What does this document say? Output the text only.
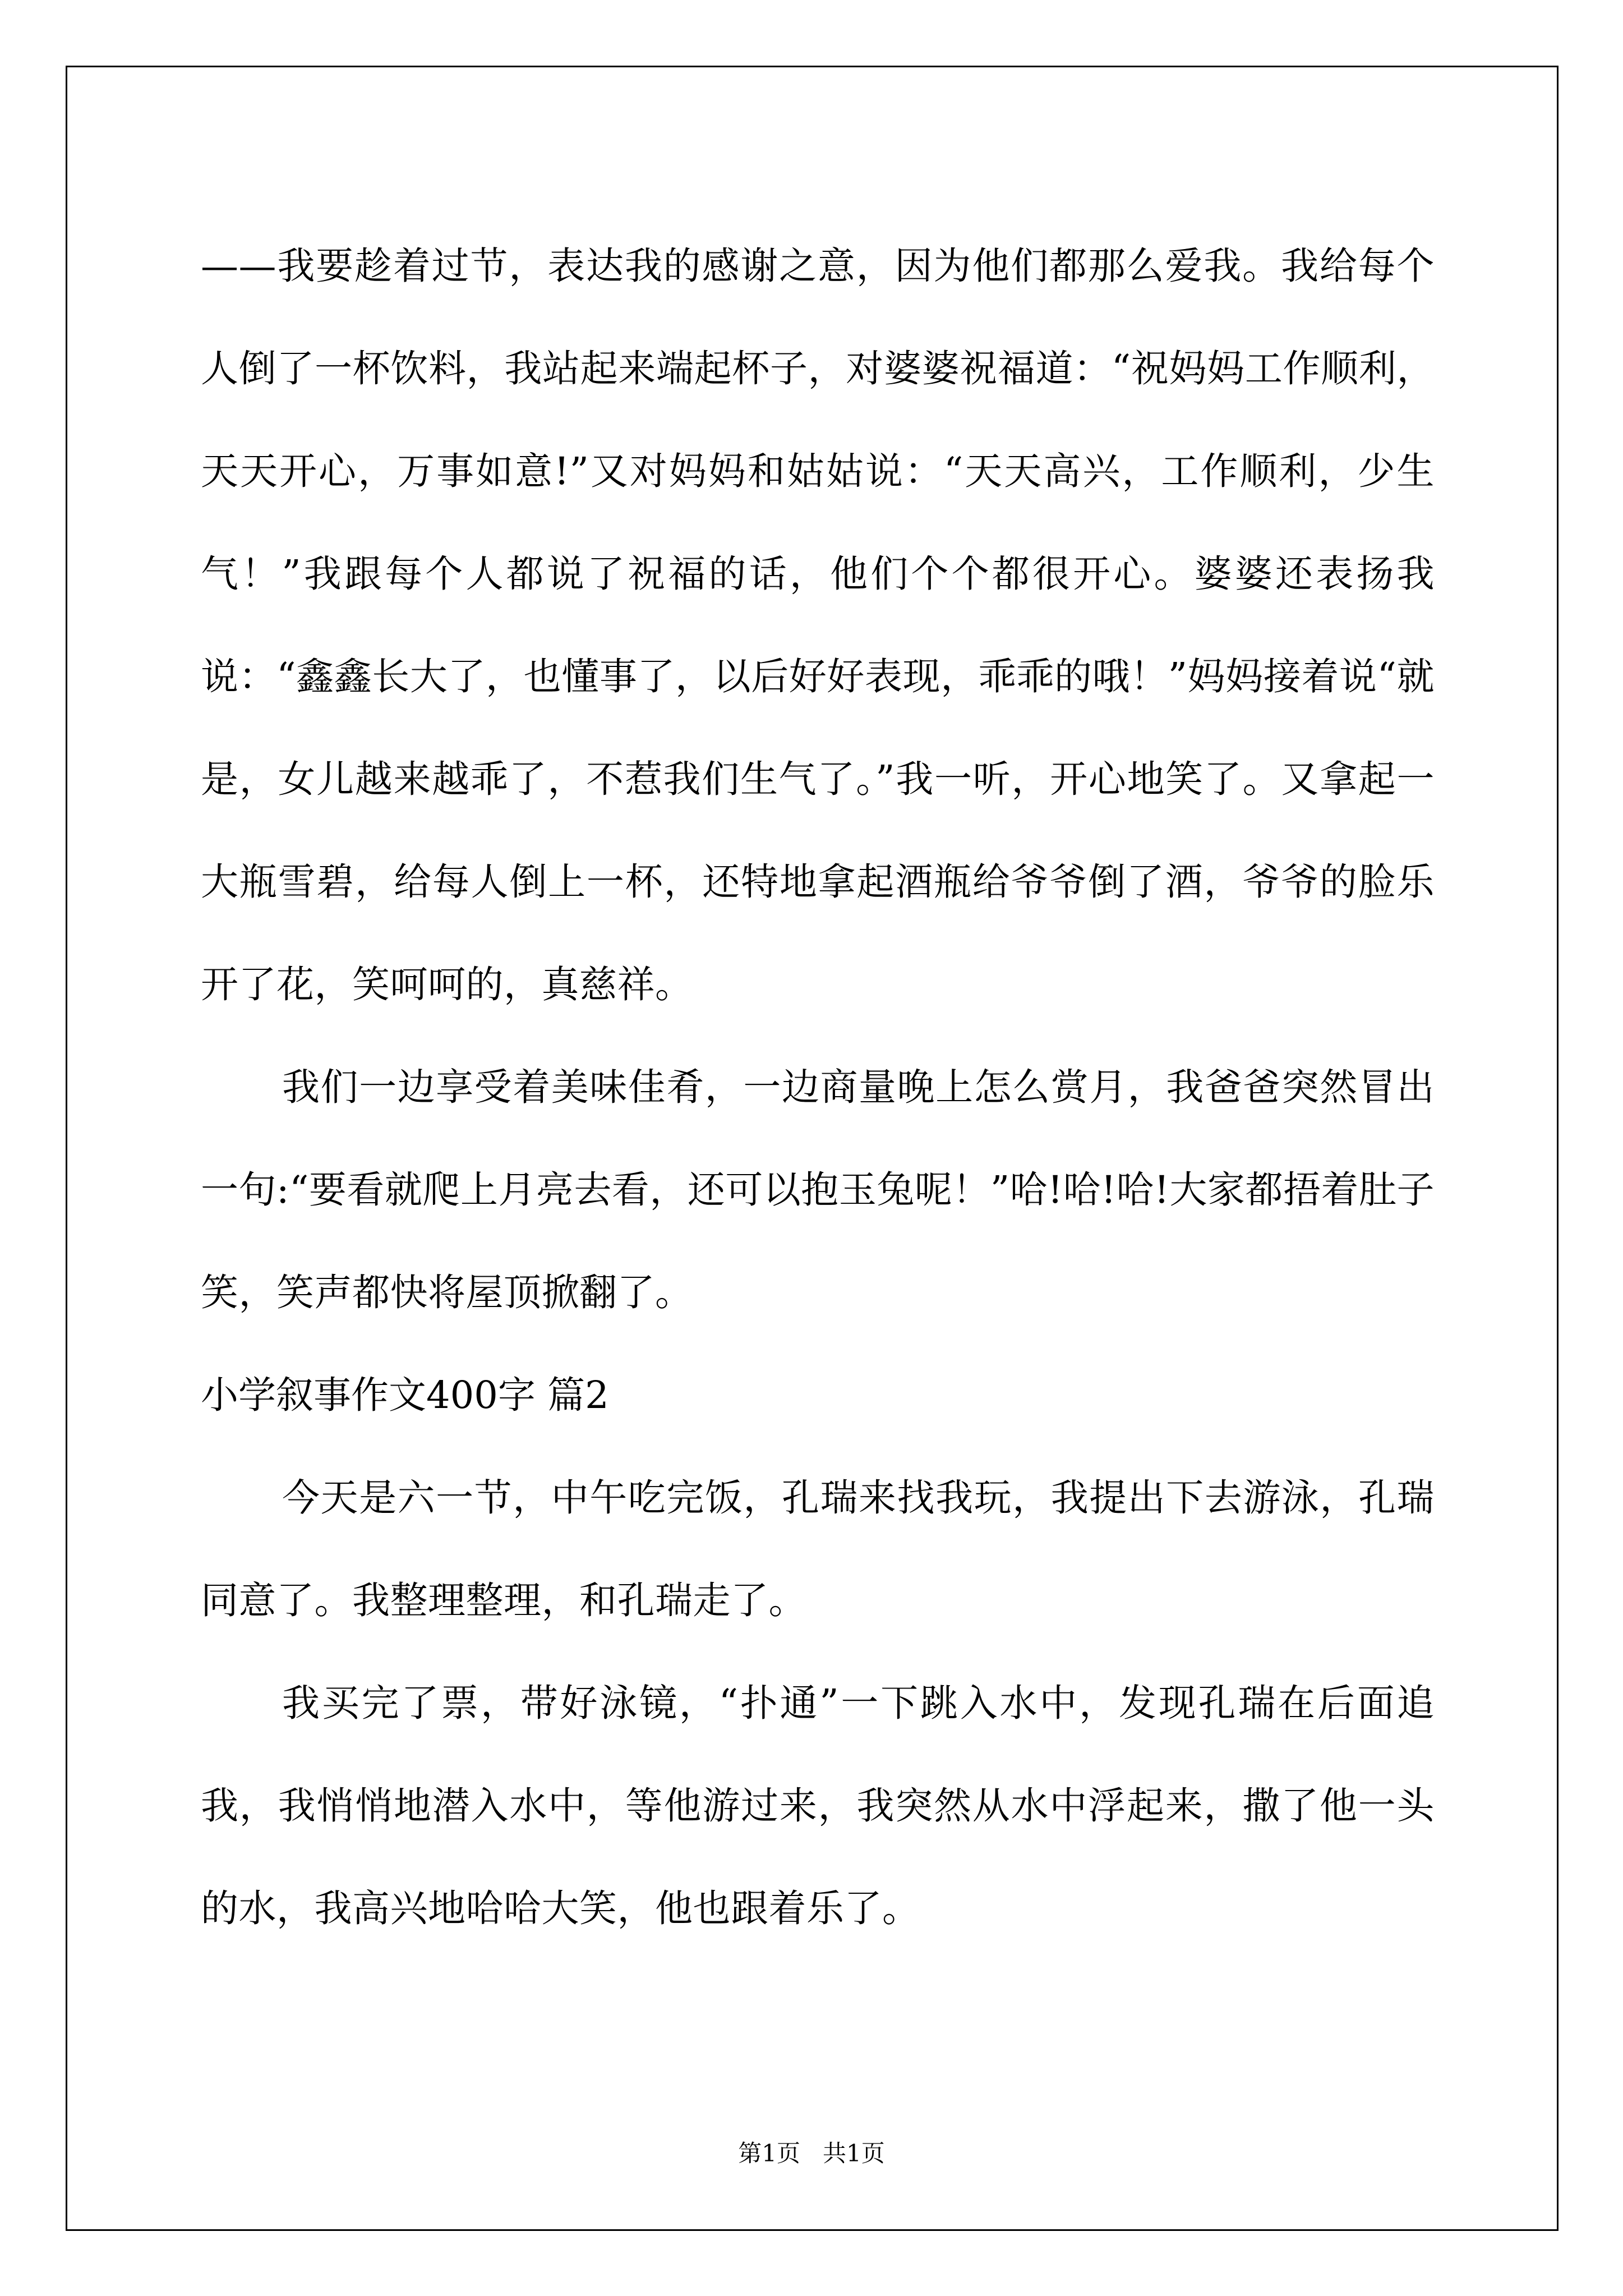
——我要趁着过节，表达我的感谢之意，因为他们都那么爱我。我给每个人倒了一杯饮料，我站起来端起杯子，对婆婆祝福道：“祝妈妈工作顺利，天天开心，万事如意!”又对妈妈和姑姑说：“天天高兴，工作顺利，少生气！”我跟每个人都说了祝福的话，他们个个都很开心。婆婆还表扬我说：“鑫鑫长大了，也懂事了，以后好好表现，乖乖的哦！”妈妈接着说“就是，女儿越来越乖了，不惹我们生气了。”我一听，开心地笑了。又拿起一大瓶雪碧，给每人倒上一杯，还特地拿起酒瓶给爷爷倒了酒，爷爷的脸乐开了花，笑呵呵的，真慈祥。

我们一边享受着美味佳肴，一边商量晚上怎么赏月，我爸爸突然冒出一句:“要看就爬上月亮去看，还可以抱玉兔呢！”哈!哈!哈!大家都捂着肚子笑，笑声都快将屋顶掀翻了。

小学叙事作文400字 篇2

今天是六一节，中午吃完饭，孔瑞来找我玩，我提出下去游泳，孔瑞同意了。我整理整理，和孔瑞走了。

我买完了票，带好泳镜，“扑通”一下跳入水中，发现孔瑞在后面追我，我悄悄地潜入水中，等他游过来，我突然从水中浮起来，撒了他一头的水，我高兴地哈哈大笑，他也跟着乐了。

第1页   共1页
